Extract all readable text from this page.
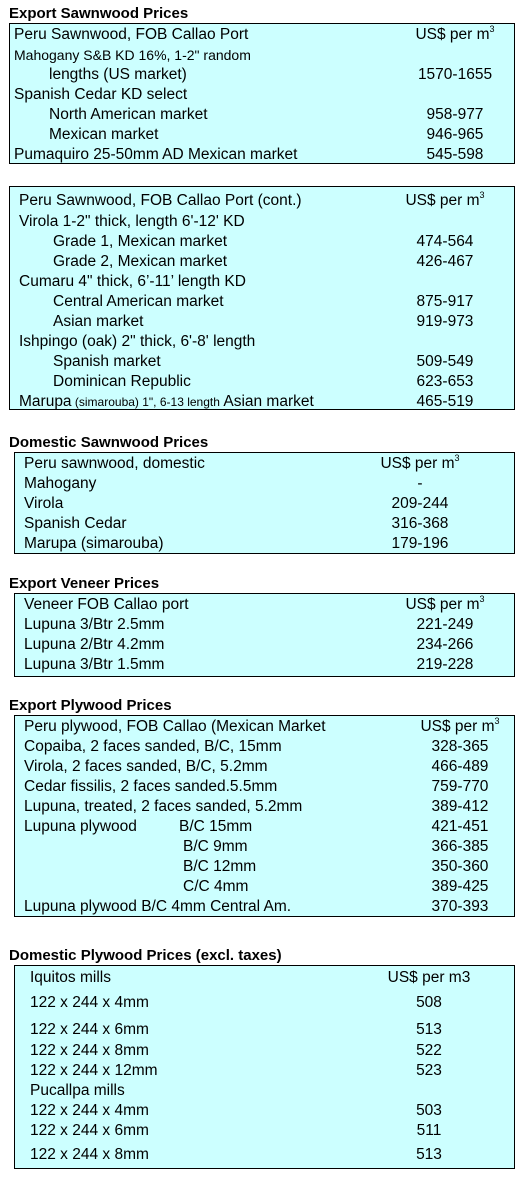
Export Sawnwood Prices
Peru Sawnwood, FOB Callao Port	US$ per $m^3$
Mahogany S&B KD 16%, 1-2" random
lengths (US market)	1570-1655
Spanish Cedar KD select
North American market	958-977
Mexican market	946-965
Pumaquiro 25-50mm AD Mexican market	545-598
Peru Sawnwood, FOB Callao Port (cont.)	US$ per $m^3$
Virola 1-2" thick, length 6'-12' KD
Grade 1, Mexican market	474-564
Grade 2, Mexican market	426-467
Cumaru 4" thick, 6’-11’ length KD
Central American market	875-917
Asian market	919-973
Ishpingo (oak) 2" thick, 6'-8' length
Spanish market	509-549
Dominican Republic	623-653
Marupa (simarouba) 1", 6-13 length Asian market	465-519
Domestic Sawnwood Prices
Peru sawnwood, domestic	US$ per $m^3$
Mahogany	-
Virola	209-244
Spanish Cedar	316-368
Marupa (simarouba)	179-196
Export Veneer Prices
Veneer FOB Callao port	US$ per $m^3$
Lupuna 3/Btr 2.5mm	221-249
Lupuna 2/Btr 4.2mm	234-266
Lupuna 3/Btr 1.5mm	219-228
Export Plywood Prices
Peru plywood, FOB Callao (Mexican Market	US$ per $m^3$
Copaiba, 2 faces sanded, B/C, 15mm	328-365
Virola, 2 faces sanded, B/C, 5.2mm	466-489
Cedar fissilis, 2 faces sanded.5.5mm	759-770
Lupuna, treated, 2 faces sanded, 5.2mm	389-412
Lupuna plywood	B/C 15mm	421-451
B/C 9mm	366-385
B/C 12mm	350-360
C/C 4mm	389-425
Lupuna plywood B/C 4mm Central Am.	370-393
Domestic Plywood Prices (excl. taxes)
Iquitos mills	US$ per m3
122 x 244 x 4mm	508
122 x 244 x 6mm	513
122 x 244 x 8mm	522
122 x 244 x 12mm	523
Pucallpa mills
122 x 244 x 4mm	503
122 x 244 x 6mm	511
122 x 244 x 8mm	513
